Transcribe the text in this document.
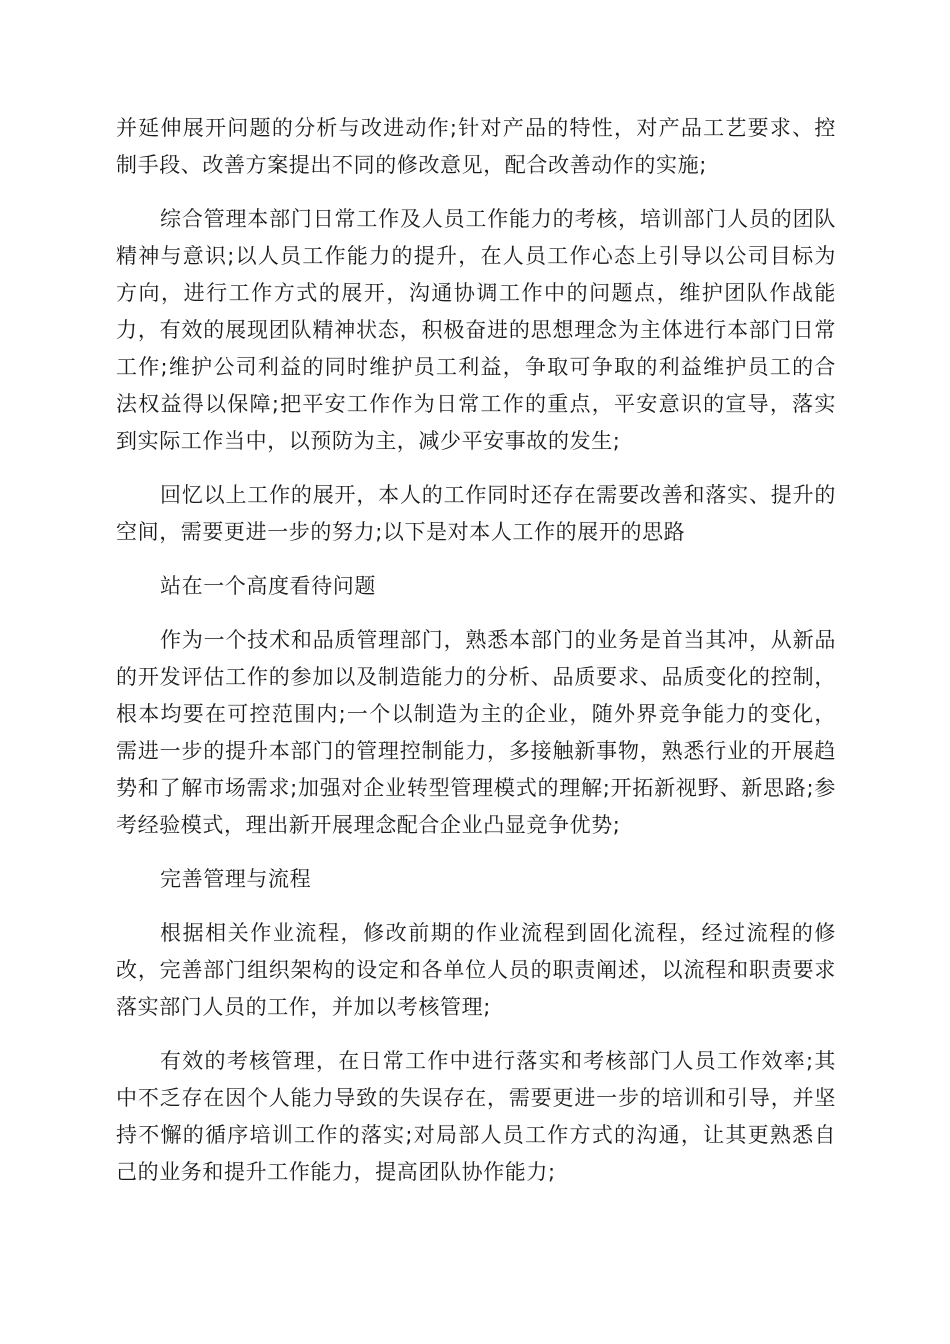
并延伸展开问题的分析与改进动作;针对产品的特性，对产品工艺要求、控制手段、改善方案提出不同的修改意见，配合改善动作的实施;

综合管理本部门日常工作及人员工作能力的考核，培训部门人员的团队精神与意识;以人员工作能力的提升，在人员工作心态上引导以公司目标为方向，进行工作方式的展开，沟通协调工作中的问题点，维护团队作战能力，有效的展现团队精神状态，积极奋进的思想理念为主体进行本部门日常工作;维护公司利益的同时维护员工利益，争取可争取的利益维护员工的合法权益得以保障;把平安工作作为日常工作的重点，平安意识的宣导，落实到实际工作当中，以预防为主，减少平安事故的发生;

回忆以上工作的展开，本人的工作同时还存在需要改善和落实、提升的空间，需要更进一步的努力;以下是对本人工作的展开的思路

站在一个高度看待问题

作为一个技术和品质管理部门，熟悉本部门的业务是首当其冲，从新品的开发评估工作的参加以及制造能力的分析、品质要求、品质变化的控制，根本均要在可控范围内;一个以制造为主的企业，随外界竞争能力的变化，需进一步的提升本部门的管理控制能力，多接触新事物，熟悉行业的开展趋势和了解市场需求;加强对企业转型管理模式的理解;开拓新视野、新思路;参考经验模式，理出新开展理念配合企业凸显竞争优势;

完善管理与流程

根据相关作业流程，修改前期的作业流程到固化流程，经过流程的修改，完善部门组织架构的设定和各单位人员的职责阐述，以流程和职责要求落实部门人员的工作，并加以考核管理;

有效的考核管理，在日常工作中进行落实和考核部门人员工作效率;其中不乏存在因个人能力导致的失误存在，需要更进一步的培训和引导，并坚持不懈的循序培训工作的落实;对局部人员工作方式的沟通，让其更熟悉自己的业务和提升工作能力，提高团队协作能力;
